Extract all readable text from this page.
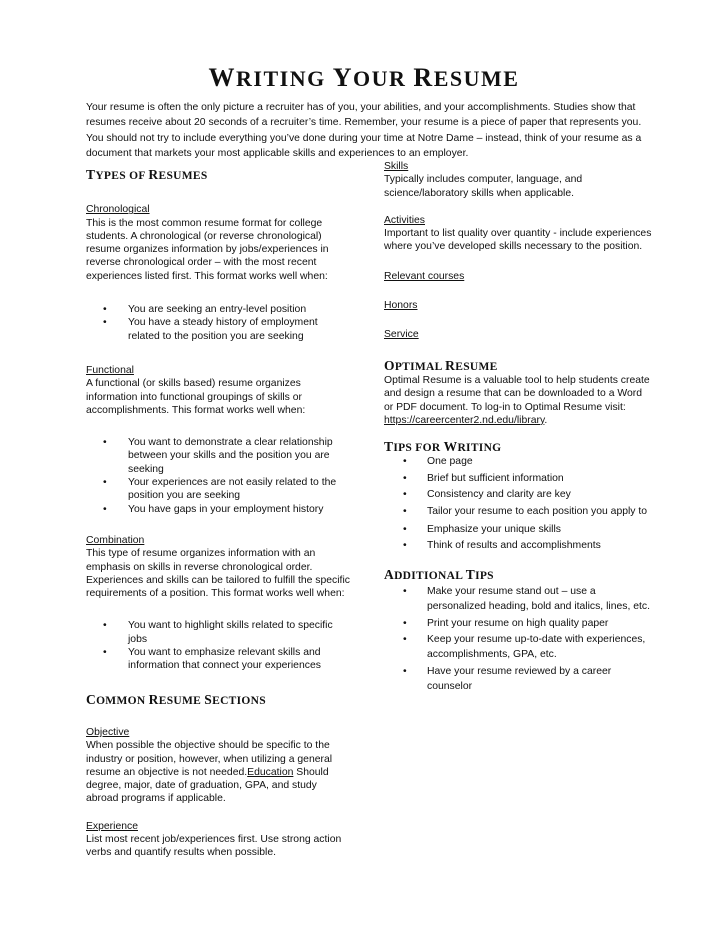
WRITING YOUR RESUME
Your resume is often the only picture a recruiter has of you, your abilities, and your accomplishments. Studies show that resumes receive about 20 seconds of a recruiter’s time. Remember, your resume is a piece of paper that represents you. You should not try to include everything you’ve done during your time at Notre Dame – instead, think of your resume as a document that markets your most applicable skills and experiences to an employer.
TYPES OF RESUMES
Chronological
This is the most common resume format for college students. A chronological (or reverse chronological) resume organizes information by jobs/experiences in reverse chronological order – with the most recent experiences listed first. This format works well when:
• You are seeking an entry-level position
• You have a steady history of employment related to the position you are seeking
Functional
A functional (or skills based) resume organizes information into functional groupings of skills or accomplishments. This format works well when:
• You want to demonstrate a clear relationship between your skills and the position you are seeking
• Your experiences are not easily related to the position you are seeking
• You have gaps in your employment history
Combination
This type of resume organizes information with an emphasis on skills in reverse chronological order. Experiences and skills can be tailored to fulfill the specific requirements of a position. This format works well when:
• You want to highlight skills related to specific jobs
• You want to emphasize relevant skills and information that connect your experiences
COMMON RESUME SECTIONS
Objective
When possible the objective should be specific to the industry or position, however, when utilizing a general resume an objective is not needed.Education Should degree, major, date of graduation, GPA, and study abroad programs if applicable.
Experience
List most recent job/experiences first. Use strong action verbs and quantify results when possible.
Skills
Typically includes computer, language, and science/laboratory skills when applicable.
Activities
Important to list quality over quantity - include experiences where you’ve developed skills necessary to the position.
Relevant courses
Honors
Service
OPTIMAL RESUME
Optimal Resume is a valuable tool to help students create and design a resume that can be downloaded to a Word or PDF document. To log-in to Optimal Resume visit: https://careercenter2.nd.edu/library.
TIPS FOR WRITING
• One page
• Brief but sufficient information
• Consistency and clarity are key
• Tailor your resume to each position you apply to
• Emphasize your unique skills
• Think of results and accomplishments
ADDITIONAL TIPS
• Make your resume stand out – use a personalized heading, bold and italics, lines, etc.
• Print your resume on high quality paper
• Keep your resume up-to-date with experiences, accomplishments, GPA, etc.
• Have your resume reviewed by a career counselor
